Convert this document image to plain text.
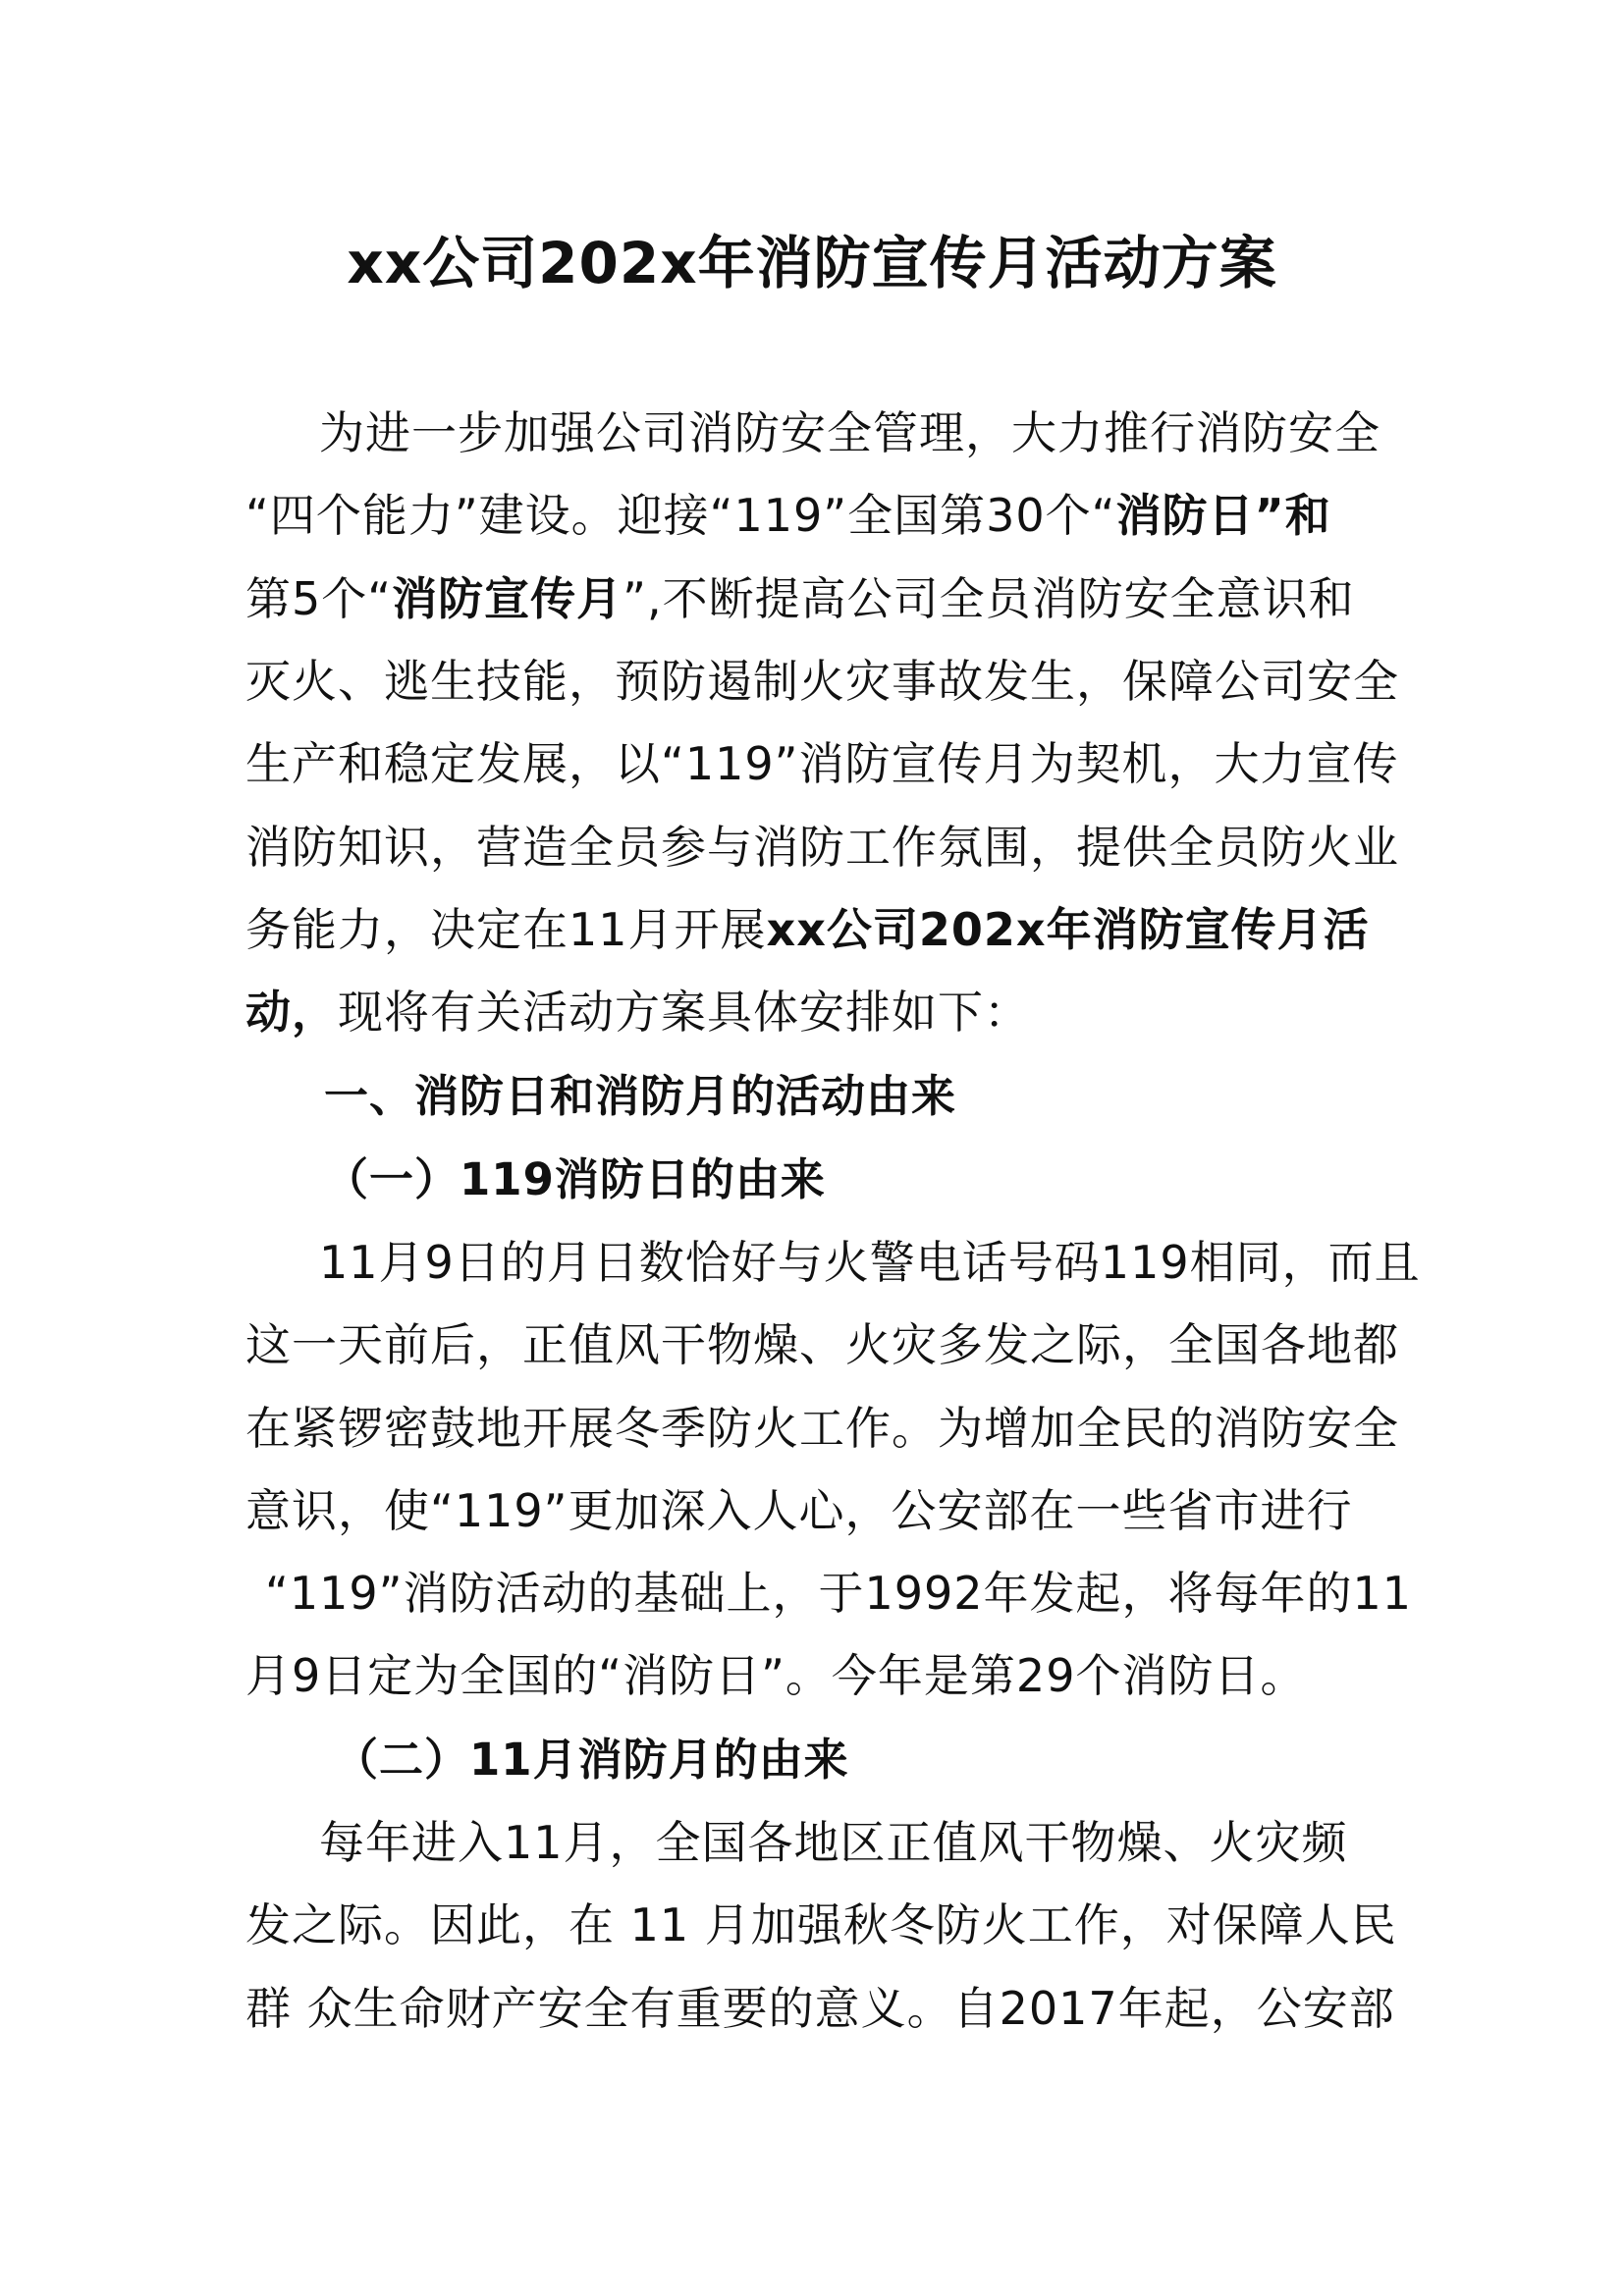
xx公司202x年消防宣传月活动方案
为进一步加强公司消防安全管理，大力推行消防安全
“四个能力”建设。迎接“119”全国第30个“消防日”和
第5个“消防宣传月”,不断提高公司全员消防安全意识和
灭火、逃生技能，预防遏制火灾事故发生，保障公司安全
生产和稳定发展，以“119”消防宣传月为契机，大力宣传
消防知识，营造全员参与消防工作氛围，提供全员防火业
务能力，决定在11月开展xx公司202x年消防宣传月活
动，现将有关活动方案具体安排如下：
一、消防日和消防月的活动由来
（一）119消防日的由来
11月9日的月日数恰好与火警电话号码119相同，而且
这一天前后，正值风干物燥、火灾多发之际，全国各地都
在紧锣密鼓地开展冬季防火工作。为增加全民的消防安全
意识，使“119”更加深入人心，公安部在一些省市进行
“119”消防活动的基础上，于1992年发起，将每年的11
月9日定为全国的“消防日”。今年是第29个消防日。
（二）11月消防月的由来
每年进入11月，全国各地区正值风干物燥、火灾频
发之际。因此，在 11 月加强秋冬防火工作，对保障人民
群 众生命财产安全有重要的意义。自2017年起，公安部
